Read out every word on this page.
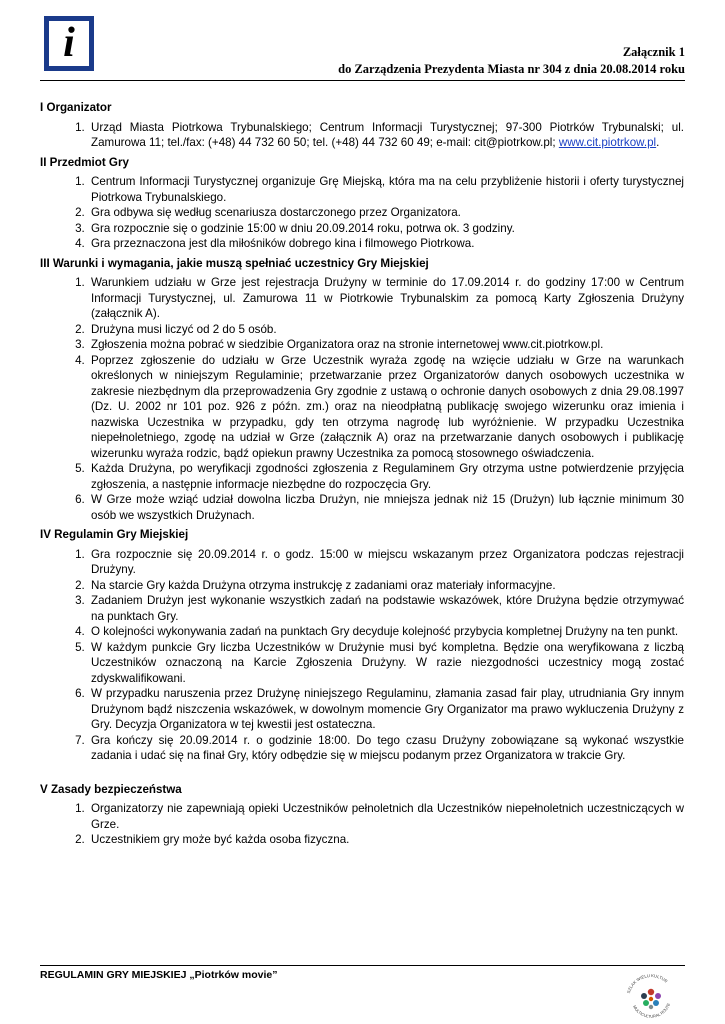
i	Załącznik 1
do Zarządzenia Prezydenta Miasta nr 304 z dnia 20.08.2014 roku
I Organizator
1. Urząd Miasta Piotrkowa Trybunalskiego; Centrum Informacji Turystycznej; 97-300 Piotrków Trybunalski; ul. Zamurowa 11; tel./fax: (+48) 44 732 60 50; tel. (+48) 44 732 60 49; e-mail: cit@piotrkow.pl; www.cit.piotrkow.pl.
II Przedmiot Gry
1. Centrum Informacji Turystycznej organizuje Grę Miejską, która ma na celu przybliżenie historii i oferty turystycznej Piotrkowa Trybunalskiego.
2. Gra odbywa się według scenariusza dostarczonego przez Organizatora.
3. Gra rozpocznie się o godzinie 15:00 w dniu 20.09.2014 roku, potrwa ok. 3 godziny.
4. Gra przeznaczona jest dla miłośników dobrego kina i filmowego Piotrkowa.
III Warunki i wymagania, jakie muszą spełniać uczestnicy Gry Miejskiej
1. Warunkiem udziału w Grze jest rejestracja Drużyny w terminie do 17.09.2014 r. do godziny 17:00 w Centrum Informacji Turystycznej, ul. Zamurowa 11 w Piotrkowie Trybunalskim za pomocą Karty Zgłoszenia Drużyny (załącznik A).
2. Drużyna musi liczyć od 2 do 5 osób.
3. Zgłoszenia można pobrać w siedzibie Organizatora oraz na stronie internetowej www.cit.piotrkow.pl.
4. Poprzez zgłoszenie do udziału w Grze Uczestnik wyraża zgodę na wzięcie udziału w Grze na warunkach określonych w niniejszym Regulaminie; przetwarzanie przez Organizatorów danych osobowych uczestnika w zakresie niezbędnym dla przeprowadzenia Gry zgodnie z ustawą o ochronie danych osobowych z dnia 29.08.1997 (Dz. U. 2002 nr 101 poz. 926 z późn. zm.) oraz na nieodpłatną publikację swojego wizerunku oraz imienia i nazwiska Uczestnika w przypadku, gdy ten otrzyma nagrodę lub wyróżnienie. W przypadku Uczestnika niepełnoletniego, zgodę na udział w Grze (załącznik A) oraz na przetwarzanie danych osobowych i publikację wizerunku wyraża rodzic, bądź opiekun prawny Uczestnika za pomocą stosownego oświadczenia.
5. Każda Drużyna, po weryfikacji zgodności zgłoszenia z Regulaminem Gry otrzyma ustne potwierdzenie przyjęcia zgłoszenia, a następnie informacje niezbędne do rozpoczęcia Gry.
6. W Grze może wziąć udział dowolna liczba Drużyn, nie mniejsza jednak niż 15 (Drużyn) lub łącznie minimum 30 osób we wszystkich Drużynach.
IV Regulamin Gry Miejskiej
1. Gra rozpocznie się 20.09.2014 r. o godz. 15:00 w miejscu wskazanym przez Organizatora podczas rejestracji Drużyny.
2. Na starcie Gry każda Drużyna otrzyma instrukcję z zadaniami oraz materiały informacyjne.
3. Zadaniem Drużyn jest wykonanie wszystkich zadań na podstawie wskazówek, które Drużyna będzie otrzymywać na punktach Gry.
4. O kolejności wykonywania zadań na punktach Gry decyduje kolejność przybycia kompletnej Drużyny na ten punkt.
5. W każdym punkcie Gry liczba Uczestników w Drużynie musi być kompletna. Będzie ona weryfikowana z liczbą Uczestników oznaczoną na Karcie Zgłoszenia Drużyny. W razie niezgodności uczestnicy mogą zostać zdyskwalifikowani.
6. W przypadku naruszenia przez Drużynę niniejszego Regulaminu, złamania zasad fair play, utrudniania Gry innym Drużynom bądź niszczenia wskazówek, w dowolnym momencie Gry Organizator ma prawo wykluczenia Drużyny z Gry. Decyzja Organizatora w tej kwestii jest ostateczna.
7. Gra kończy się 20.09.2014 r. o godzinie 18:00. Do tego czasu Drużyny zobowiązane są wykonać wszystkie zadania i udać się na finał Gry, który odbędzie się w miejscu podanym przez Organizatora w trakcie Gry.
V Zasady bezpieczeństwa
1. Organizatorzy nie zapewniają opieki Uczestników pełnoletnich dla Uczestników niepełnoletnich uczestniczących w Grze.
2. Uczestnikiem gry może być każda osoba fizyczna.
REGULAMIN GRY MIEJSKIEJ „Piotrków movie”
SZLAK WIELU KULTUR
MULTICULTURAL ROUTE
